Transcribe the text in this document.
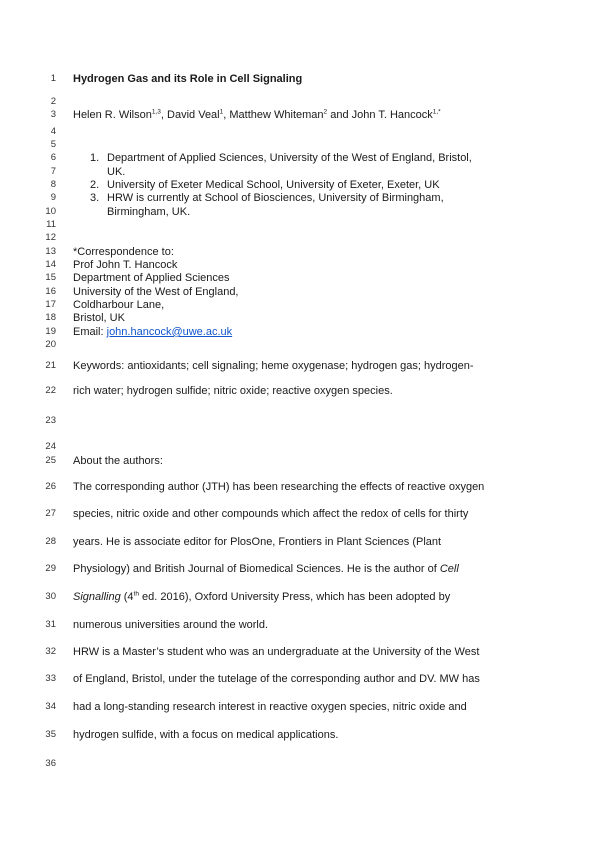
1
2
3
4
5
6
7
8
9
10
11
12
13
14
15
16
17
18
19
20
21
22
23
24
25
26
27
28
29
30
31
32
33
34
35
36
Hydrogen Gas and its Role in Cell Signaling
Helen R. Wilson$^{1,3}$, David Veal$^1$, Matthew Whiteman$^2$ and John T. Hancock$^{1,*}$
1. Department of Applied Sciences, University of the West of England, Bristol,
UK.
2. University of Exeter Medical School, University of Exeter, Exeter, UK
3. HRW is currently at School of Biosciences, University of Birmingham,
Birmingham, UK.
*Correspondence to:
Prof John T. Hancock
Department of Applied Sciences
University of the West of England,
Coldharbour Lane,
Bristol, UK
Email: john.hancock@uwe.ac.uk
Keywords: antioxidants; cell signaling; heme oxygenase; hydrogen gas; hydrogen-
rich water; hydrogen sulfide; nitric oxide; reactive oxygen species.
About the authors:
The corresponding author (JTH) has been researching the effects of reactive oxygen
species, nitric oxide and other compounds which affect the redox of cells for thirty
years. He is associate editor for PlosOne, Frontiers in Plant Sciences (Plant
Physiology) and British Journal of Biomedical Sciences. He is the author of Cell
Signalling (4th ed. 2016), Oxford University Press, which has been adopted by
numerous universities around the world.
HRW is a Master’s student who was an undergraduate at the University of the West
of England, Bristol, under the tutelage of the corresponding author and DV. MW has
had a long-standing research interest in reactive oxygen species, nitric oxide and
hydrogen sulfide, with a focus on medical applications.
